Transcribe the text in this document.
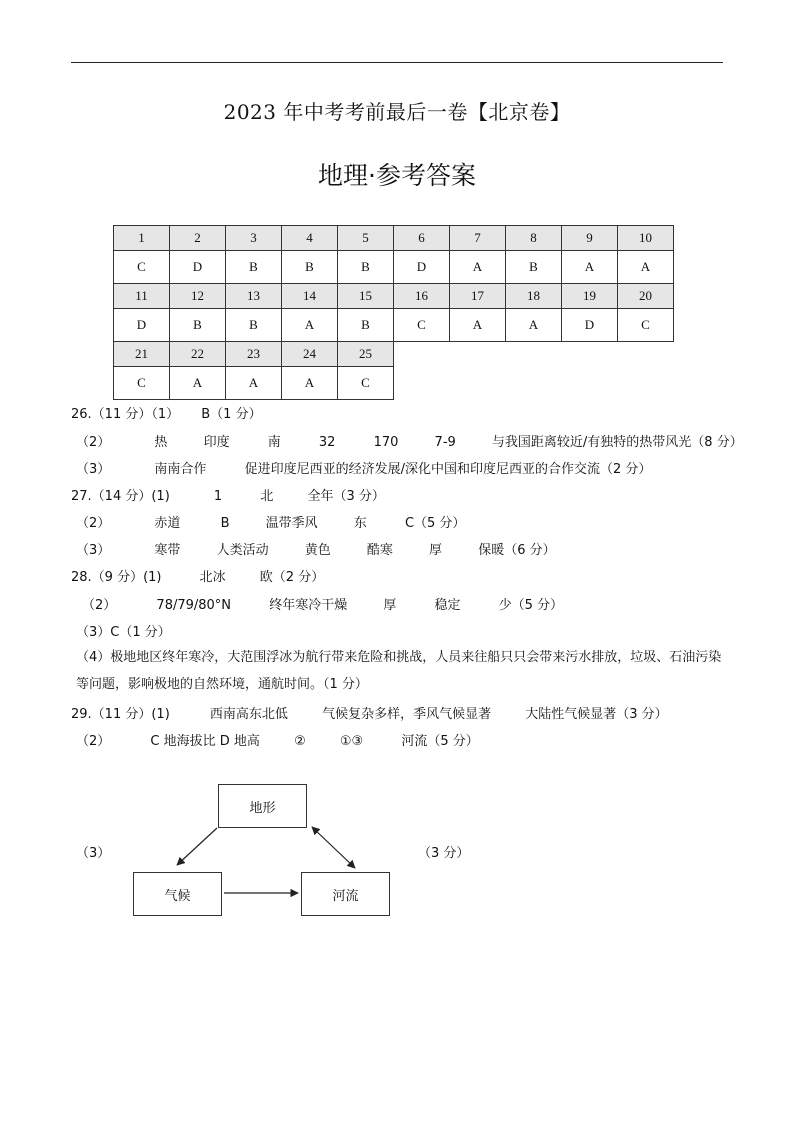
2023 年中考考前最后一卷【北京卷】
地理·参考答案
1	2	3	4	5	6	7	8	9	10
C	D	B	B	B	D	A	B	A	A
11	12	13	14	15	16	17	18	19	20
D	B	B	A	B	C	A	A	D	C
21	22	23	24	25					
C	A	A	A	C					
26.（11 分）（1） B（1 分）
（2）	热	印度	南	32	170	7-9	与我国距离较近/有独特的热带风光（8 分）
（3）	南南合作	促进印度尼西亚的经济发展/深化中国和印度尼西亚的合作交流（2 分）
27.（14 分）(1)	1	北	全年（3 分）
（2）	赤道	B	温带季风	东	C（5 分）
（3）	寒带	人类活动	黄色	酷寒	厚	保暖（6 分）
28.（9 分）(1)	北冰	欧（2 分）
（2）	78/79/80°N	终年寒冷干燥	厚	稳定	少（5 分）
（3）C（1 分）
（4）极地地区终年寒冷，大范围浮冰为航行带来危险和挑战，人员来往船只只会带来污水排放，垃圾、石油污染等问题，影响极地的自然环境，通航时间。（1 分）
29.（11 分）(1)	西南高东北低	气候复杂多样，季风气候显著	大陆性气候显著（3 分）
（2）	C 地海拔比 D 地高	②	①③	河流（5 分）
（3）	（3 分）
地形
气候	河流
